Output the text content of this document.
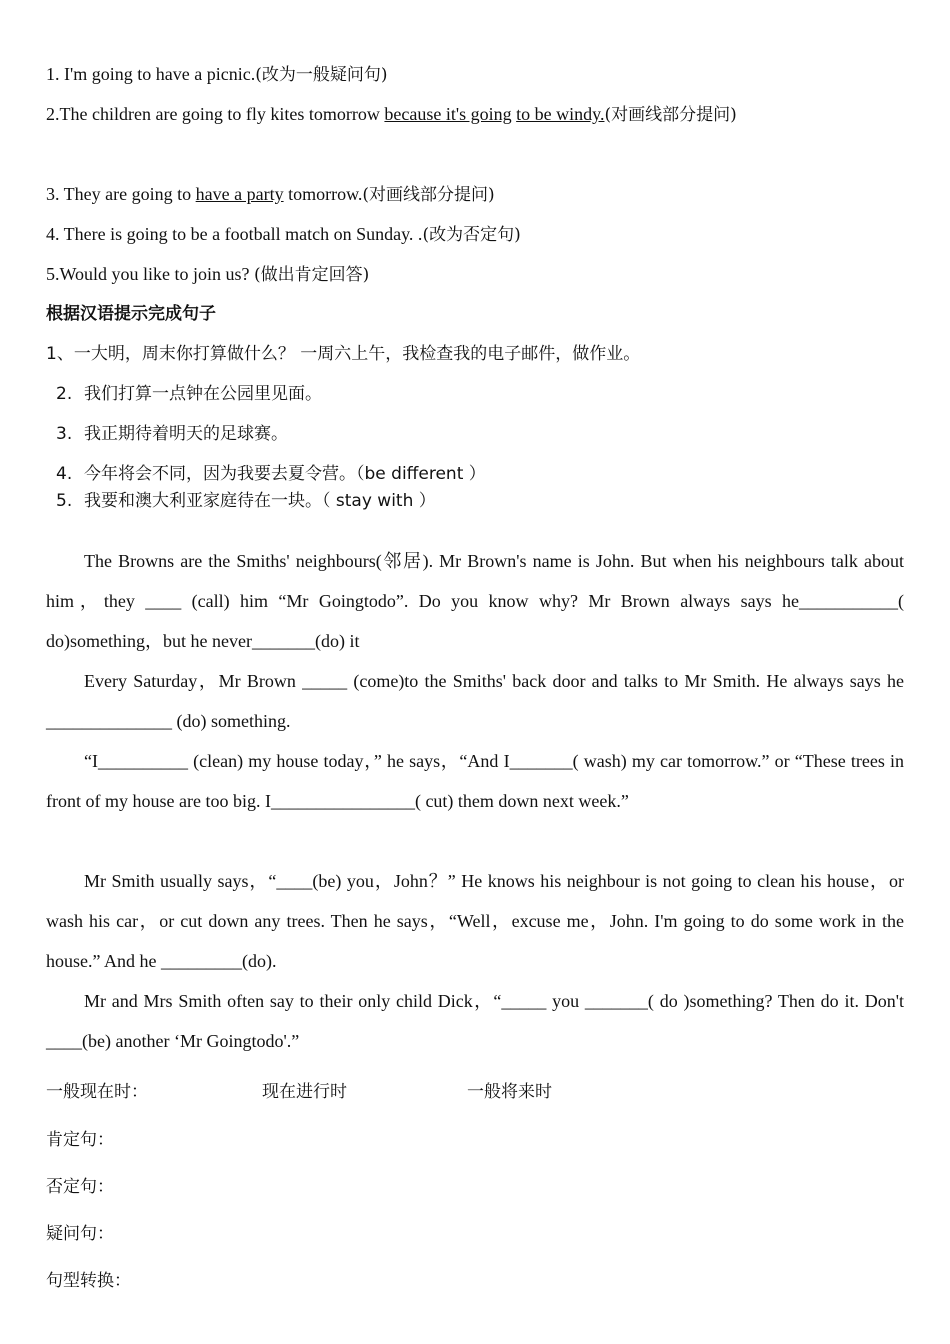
1. I'm going to have a picnic.(改为一般疑问句)
2.The children are going to fly kites tomorrow because it's going to be windy.(对画线部分提问)
3. They are going to have a party tomorrow.(对画线部分提问)
4. There is going to be a football match on Sunday. .(改为否定句)
5.Would you like to join us? (做出肯定回答)
根据汉语提示完成句子
1、一大明，周末你打算做什么？ 一周六上午，我检查我的电子邮件，做作业。
2. 我们打算一点钟在公园里见面。
3. 我正期待着明天的足球赛。
4. 今年将会不同，因为我要去夏令营。（be different ）
5. 我要和澳大利亚家庭待在一块。（ stay with ）

The Browns are the Smiths' neighbours(邻居). Mr Brown's name is John. But when his neighbours talk about him，they ____ (call) him “Mr Goingtodo”. Do you know why? Mr Brown always says he___________( do)something，but he never_______(do) it

Every Saturday，Mr Brown _____ (come)to the Smiths' back door and talks to Mr Smith. He always says he ______________ (do) something.

“I__________ (clean) my house today，” he says，“And I_______( wash) my car tomorrow.” or “These trees in front of my house are too big. I________________( cut) them down next week.”

Mr Smith usually says，“____(be) you，John？” He knows his neighbour is not going to clean his house，or wash his car，or cut down any trees. Then he says，“Well，excuse me，John. I'm going to do some work in the house.” And he _________(do).

Mr and Mrs Smith often say to their only child Dick，“_____ you _______( do )something? Then do it. Don't ____(be) another ‘Mr Goingtodo'.”

一般现在时：	现在进行时	一般将来时
肯定句：
否定句：
疑问句：
句型转换：
